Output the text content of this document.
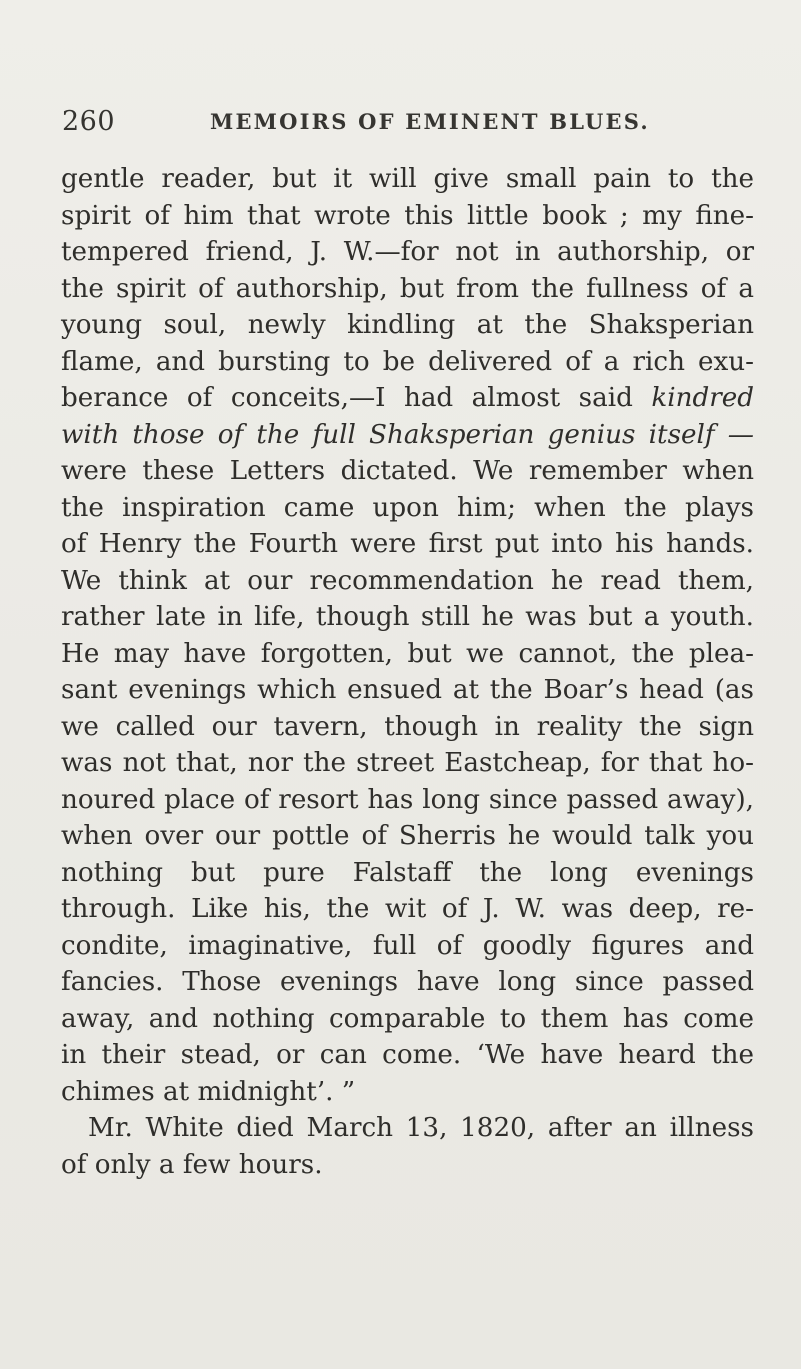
260	MEMOIRS OF EMINENT BLUES.
gentle reader, but it will give small pain to the
spirit of him that wrote this little book ; my fine-
tempered friend, J. W.—for not in authorship, or
the spirit of authorship, but from the fullness of a
young soul, newly kindling at the Shaksperian
flame, and bursting to be delivered of a rich exu-
berance of conceits,—I had almost said kindred
with those of the full Shaksperian genius itself —
were these Letters dictated. We remember when
the inspiration came upon him; when the plays
of Henry the Fourth were first put into his hands.
We think at our recommendation he read them,
rather late in life, though still he was but a youth.
He may have forgotten, but we cannot, the plea-
sant evenings which ensued at the Boar’s head (as
we called our tavern, though in reality the sign
was not that, nor the street Eastcheap, for that ho-
noured place of resort has long since passed away),
when over our pottle of Sherris he would talk you
nothing but pure Falstaff the long evenings
through. Like his, the wit of J. W. was deep, re-
condite, imaginative, full of goodly figures and
fancies. Those evenings have long since passed
away, and nothing comparable to them has come
in their stead, or can come. ‘We have heard the
chimes at midnight’. ”
Mr. White died March 13, 1820, after an illness
of only a few hours.
